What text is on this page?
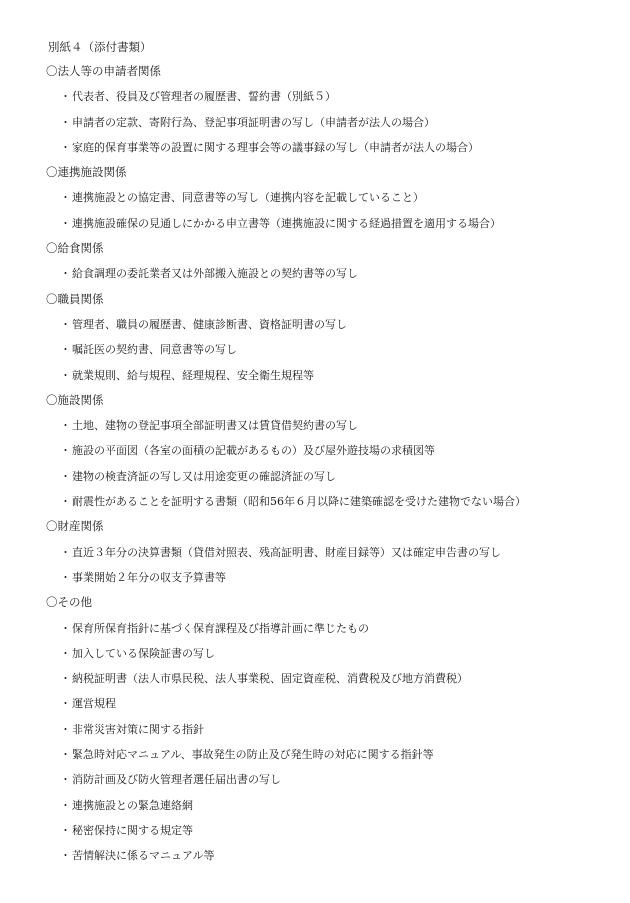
別紙４（添付書類）
〇法人等の申請者関係
・代表者、役員及び管理者の履歴書、誓約書（別紙５）
・申請者の定款、寄附行為、登記事項証明書の写し（申請者が法人の場合）
・家庭的保育事業等の設置に関する理事会等の議事録の写し（申請者が法人の場合）
〇連携施設関係
・連携施設との協定書、同意書等の写し（連携内容を記載していること）
・連携施設確保の見通しにかかる申立書等（連携施設に関する経過措置を適用する場合）
〇給食関係
・給食調理の委託業者又は外部搬入施設との契約書等の写し
〇職員関係
・管理者、職員の履歴書、健康診断書、資格証明書の写し
・嘱託医の契約書、同意書等の写し
・就業規則、給与規程、経理規程、安全衛生規程等
〇施設関係
・土地、建物の登記事項全部証明書又は賃貸借契約書の写し
・施設の平面図（各室の面積の記載があるもの）及び屋外遊技場の求積図等
・建物の検査済証の写し又は用途変更の確認済証の写し
・耐震性があることを証明する書類（昭和56年６月以降に建築確認を受けた建物でない場合）
〇財産関係
・直近３年分の決算書類（貸借対照表、残高証明書、財産目録等）又は確定申告書の写し
・事業開始２年分の収支予算書等
〇その他
・保育所保育指針に基づく保育課程及び指導計画に準じたもの
・加入している保険証書の写し
・納税証明書（法人市県民税、法人事業税、固定資産税、消費税及び地方消費税）
・運営規程
・非常災害対策に関する指針
・緊急時対応マニュアル、事故発生の防止及び発生時の対応に関する指針等
・消防計画及び防火管理者選任届出書の写し
・連携施設との緊急連絡網
・秘密保持に関する規定等
・苦情解決に係るマニュアル等
